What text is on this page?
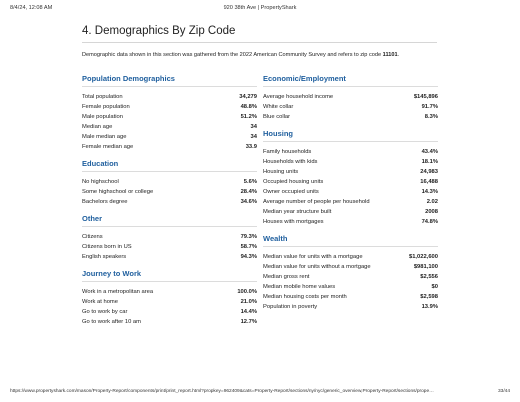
8/4/24, 12:08 AM	920 38th Ave | PropertyShark
4. Demographics By Zip Code
Demographic data shown in this section was gathered from the 2022 American Community Survey and refers to zip code 11101.
Population Demographics
Total population	34,279
Female population	48.8%
Male population	51.2%
Median age	34
Male median age	34
Female median age	33.9
Education
No highschool	5.6%
Some highschool or college	28.4%
Bachelors degree	34.6%
Other
Citizens	79.3%
Citizens born in US	58.7%
English speakers	94.3%
Journey to Work
Work in a metropolitan area	100.0%
Work at home	21.0%
Go to work by car	14.4%
Go to work after 10 am	12.7%
Economic/Employment
Average household income	$145,896
White collar	91.7%
Blue collar	8.3%
Housing
Family households	43.4%
Households with kids	18.1%
Housing units	24,983
Occupied housing units	16,488
Owner occupied units	14.3%
Average number of people per household	2.02
Median year structure built	2008
Houses with mortgages	74.8%
Wealth
Median value for units with a mortgage	$1,022,600
Median value for units without a mortgage	$981,100
Median gross rent	$2,556
Median mobile home values	$0
Median housing costs per month	$2,598
Population in poverty	13.9%
https://www.propertyshark.com/mason/Property-Report/components/print/print_report.html?propkey=962409&cats=Property-Report/sections/ny/nyc/generic_overview,Property-Report/sections/prope…	33/44
